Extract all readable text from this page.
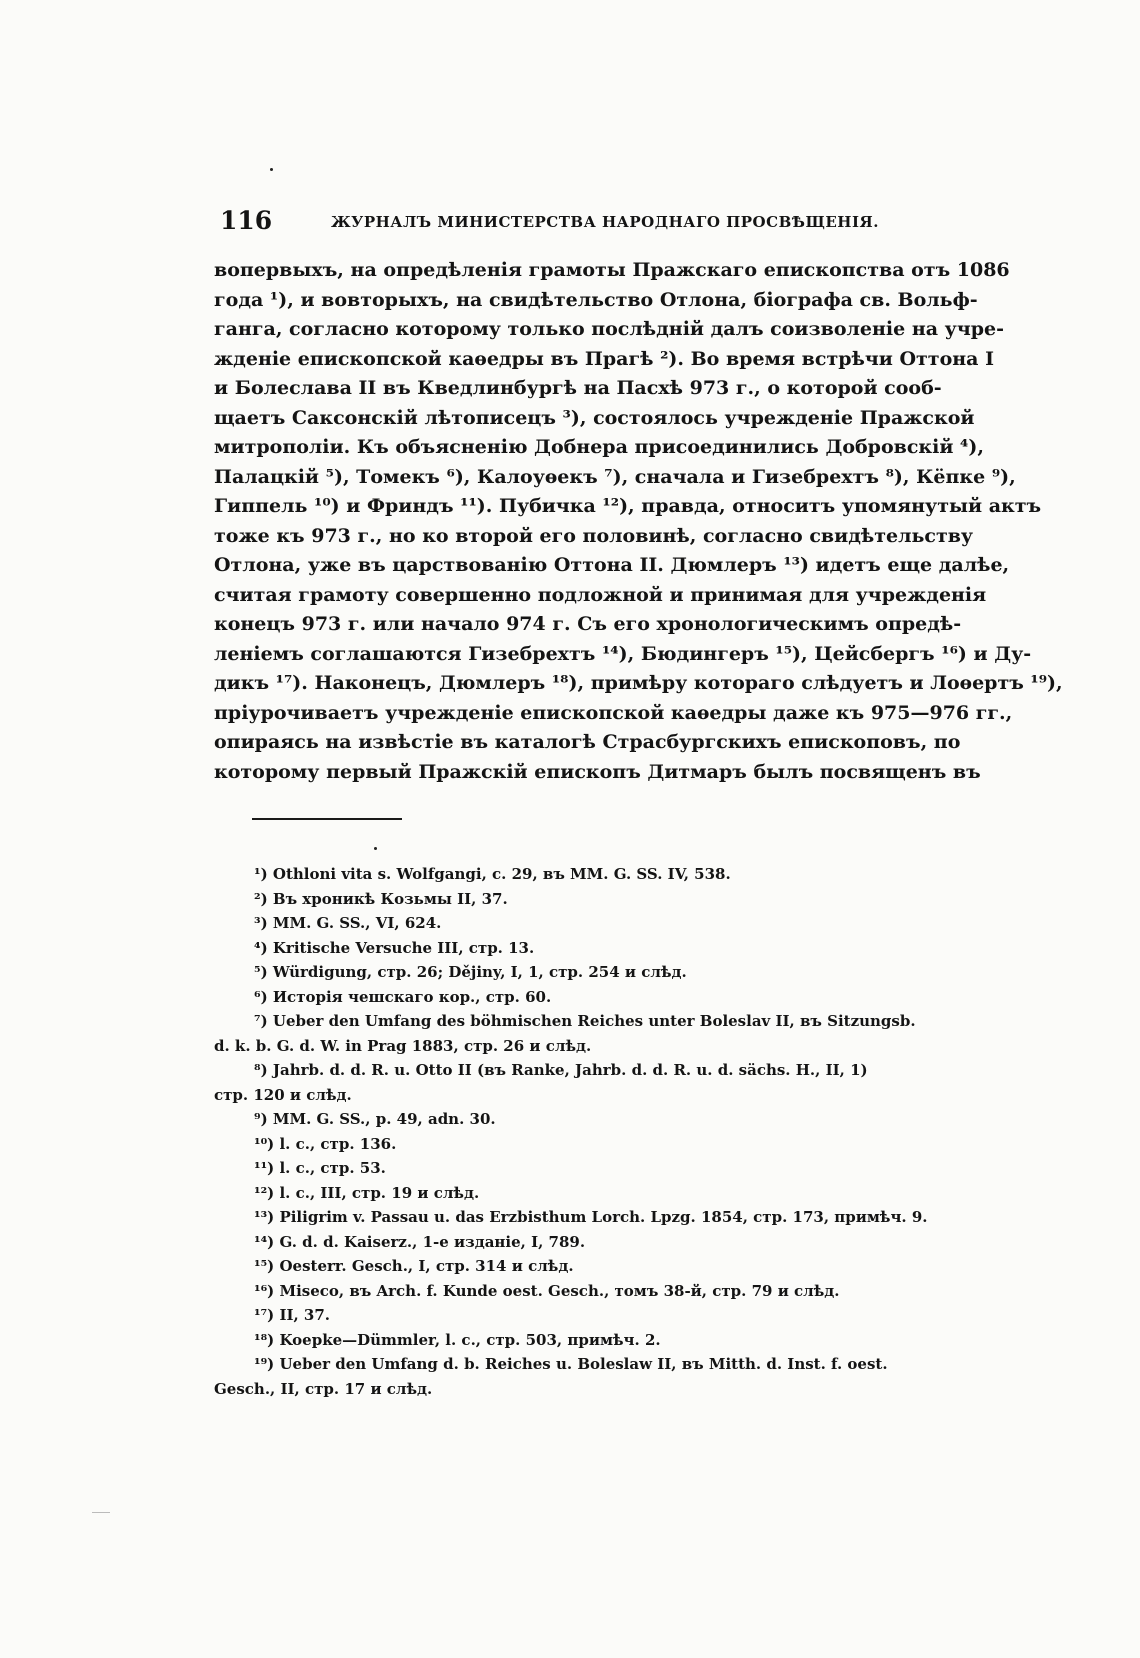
116	ЖУРНАЛЪ МИНИСТЕРСТВА НАРОДНАГО ПРОСВѢЩЕНІЯ.
вопервыхъ, на опредѣленія грамоты Пражскаго епископства отъ 1086
года ¹), и вовторыхъ, на свидѣтельство Отлона, біографа св. Вольф-
ганга, согласно которому только послѣдній далъ соизволеніе на учре-
жденіе епископской каѳедры въ Прагѣ ²). Во время встрѣчи Оттона I
и Болеслава II въ Кведлинбургѣ на Пасхѣ 973 г., о которой сооб-
щаетъ Саксонскій лѣтописецъ ³), состоялось учрежденіе Пражской
митрополіи. Къ объясненію Добнера присоединились Добровскій ⁴),
Палацкій ⁵), Томекъ ⁶), Калоуѳекъ ⁷), сначала и Гизебрехтъ ⁸), Кёпке ⁹),
Гиппель ¹⁰) и Фриндъ ¹¹). Пубичка ¹²), правда, относитъ упомянутый актъ
тоже къ 973 г., но ко второй его половинѣ, согласно свидѣтельству
Отлона, уже въ царствованію Оттона II. Дюмлеръ ¹³) идетъ еще далѣе,
считая грамоту совершенно подложной и принимая для учрежденія
конецъ 973 г. или начало 974 г. Съ его хронологическимъ опредѣ-
леніемъ соглашаются Гизебрехтъ ¹⁴), Бюдингеръ ¹⁵), Цейсбергъ ¹⁶) и Ду-
дикъ ¹⁷). Наконецъ, Дюмлеръ ¹⁸), примѣру котораго слѣдуетъ и Лоѳертъ ¹⁹),
пріурочиваетъ учрежденіе епископской каѳедры даже къ 975—976 гг.,
опираясь на извѣстіе въ каталогѣ Страсбургскихъ епископовъ, по
которому первый Пражскій епископъ Дитмаръ былъ посвященъ въ
¹) Othloni vita s. Wolfgangi, c. 29, въ MM. G. SS. IV, 538.
²) Въ хроникѣ Козьмы II, 37.
³) MM. G. SS., VI, 624.
⁴) Kritische Versuche III, стр. 13.
⁵) Würdigung, стр. 26; Dějiny, I, 1, стр. 254 и слѣд.
⁶) Исторія чешскаго кор., стр. 60.
⁷) Ueber den Umfang des böhmischen Reiches unter Boleslav II, въ Sitzungsb.
d. k. b. G. d. W. in Prag 1883, стр. 26 и слѣд.
⁸) Jahrb. d. d. R. u. Otto II (въ Ranke, Jahrb. d. d. R. u. d. sächs. H., II, 1)
стр. 120 и слѣд.
⁹) MM. G. SS., p. 49, adn. 30.
¹⁰) l. c., стр. 136.
¹¹) l. c., стр. 53.
¹²) l. c., III, стр. 19 и слѣд.
¹³) Piligrim v. Passau u. das Erzbisthum Lorch. Lpzg. 1854, стр. 173, примѣч. 9.
¹⁴) G. d. d. Kaiserz., 1-е изданіе, I, 789.
¹⁵) Oesterr. Gesch., I, стр. 314 и слѣд.
¹⁶) Miseco, въ Arch. f. Kunde oest. Gesch., томъ 38-й, стр. 79 и слѣд.
¹⁷) II, 37.
¹⁸) Koepke—Dümmler, l. c., стр. 503, примѣч. 2.
¹⁹) Ueber den Umfang d. b. Reiches u. Boleslaw II, въ Mitth. d. Inst. f. oest.
Gesch., II, стр. 17 и слѣд.
